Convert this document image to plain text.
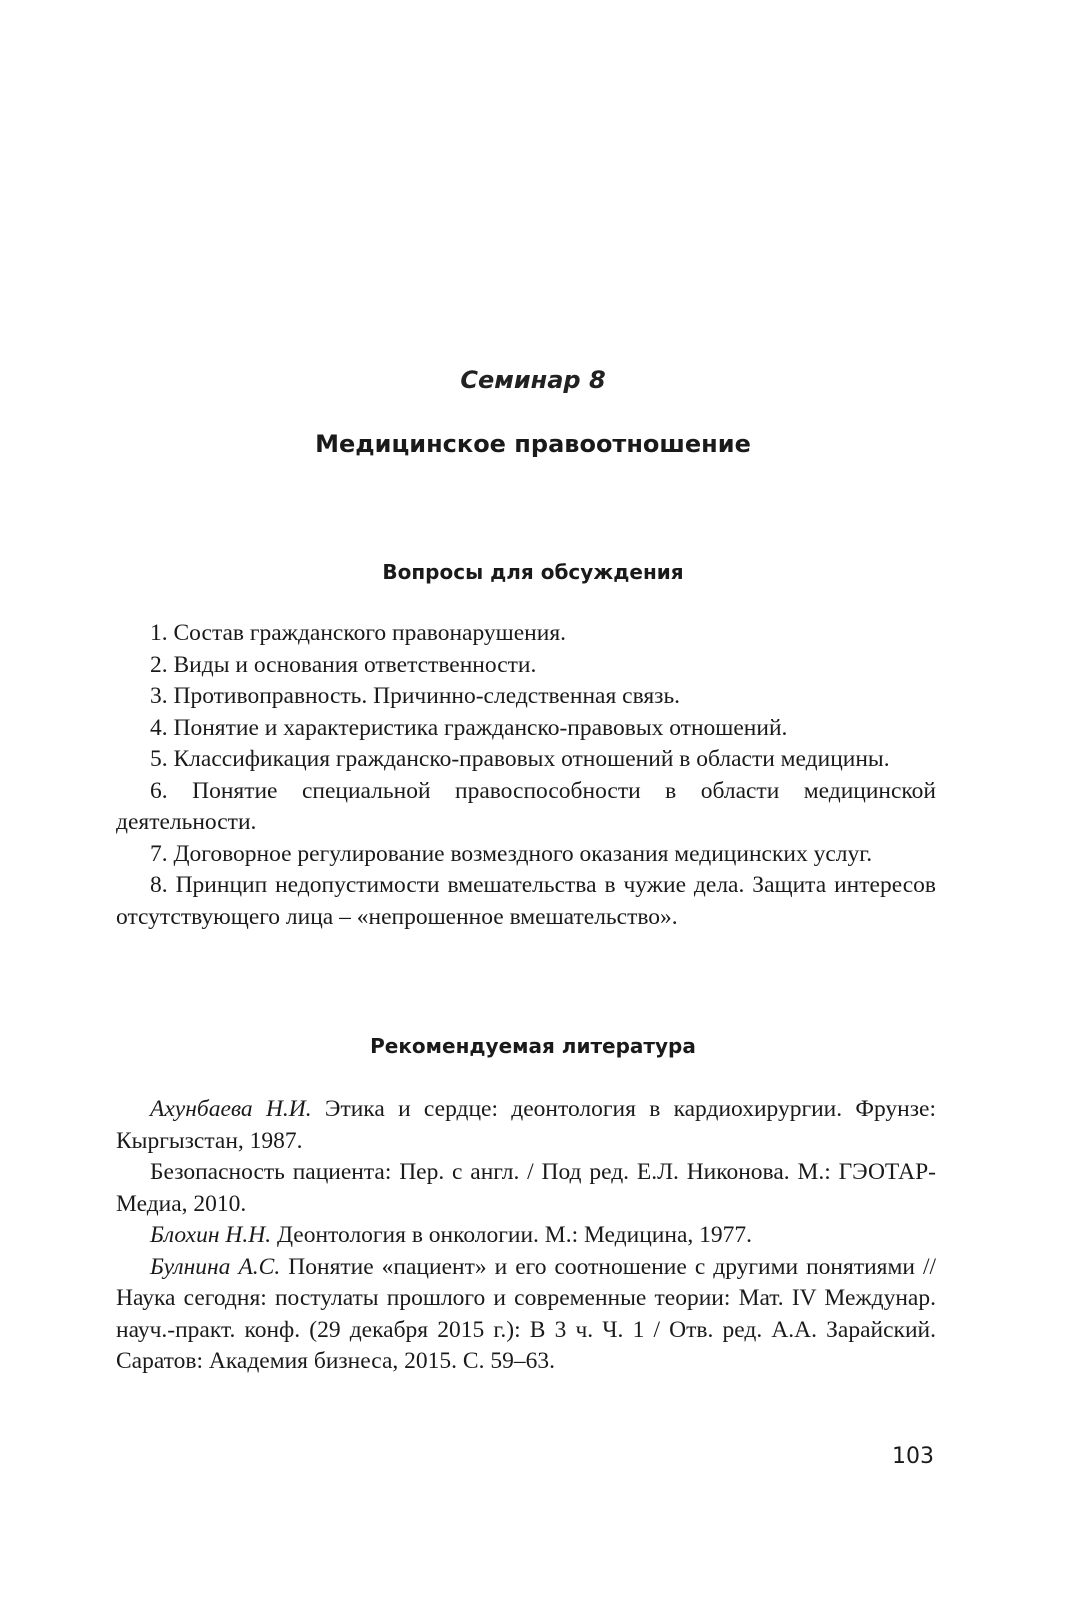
Семинар 8
Медицинское правоотношение
Вопросы для обсуждения

1. Состав гражданского правонарушения.

2. Виды и основания ответственности.

3. Противоправность. Причинно-следственная связь.

4. Понятие и характеристика гражданско-правовых отношений.

5. Классификация гражданско-правовых отношений в области медицины.

6. Понятие специальной правоспособности в области медицинской деятельности.

7. Договорное регулирование возмездного оказания медицинских услуг.

8. Принцип недопустимости вмешательства в чужие дела. Защита интересов отсутствующего лица – «непрошенное вмешательство».

Рекомендуемая литература

Ахунбаева Н.И. Этика и сердце: деонтология в кардиохирургии. Фрунзе: Кыргызстан, 1987.

Безопасность пациента: Пер. с англ. / Под ред. Е.Л. Никонова. М.: ГЭОТАР-Медиа, 2010.

Блохин Н.Н. Деонтология в онкологии. М.: Медицина, 1977.

Булнина А.С. Понятие «пациент» и его соотношение с другими понятиями // Наука сегодня: постулаты прошлого и современные теории: Мат. IV Междунар. науч.-практ. конф. (29 декабря 2015 г.): В 3 ч. Ч. 1 / Отв. ред. А.А. Зарайский. Саратов: Академия бизнеса, 2015. С. 59–63.

103
